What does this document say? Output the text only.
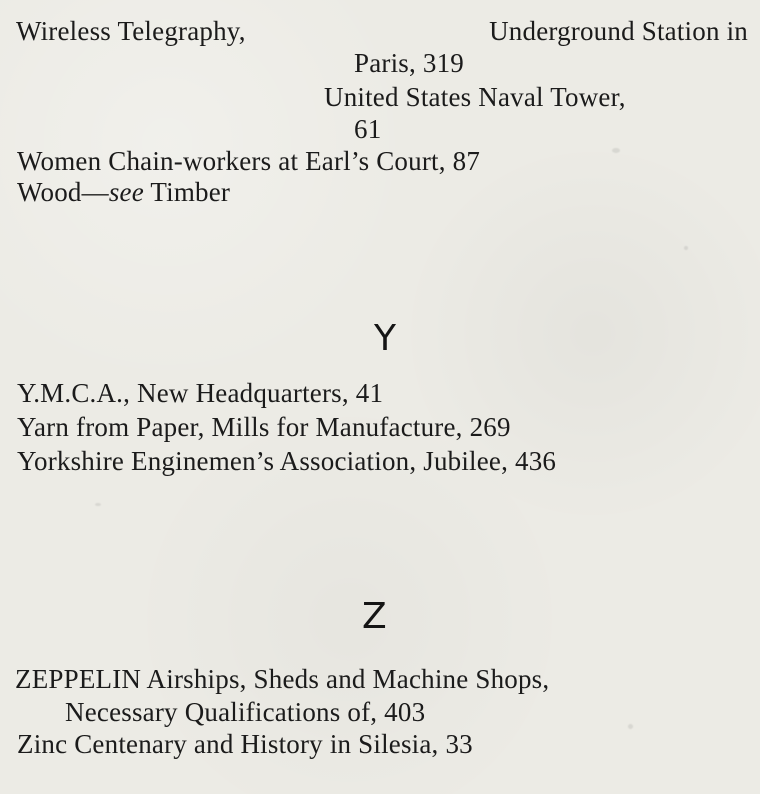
Wireless Telegraphy,	Underground Station in
Paris, 319
United States Naval Tower,
61
Women Chain-workers at Earl’s Court, 87
Wood—see Timber
Y
Y.M.C.A., New Headquarters, 41
Yarn from Paper, Mills for Manufacture, 269
Yorkshire Enginemen’s Association, Jubilee, 436
Z
ZEPPELIN Airships, Sheds and Machine Shops,
Necessary Qualifications of, 403
Zinc Centenary and History in Silesia, 33
